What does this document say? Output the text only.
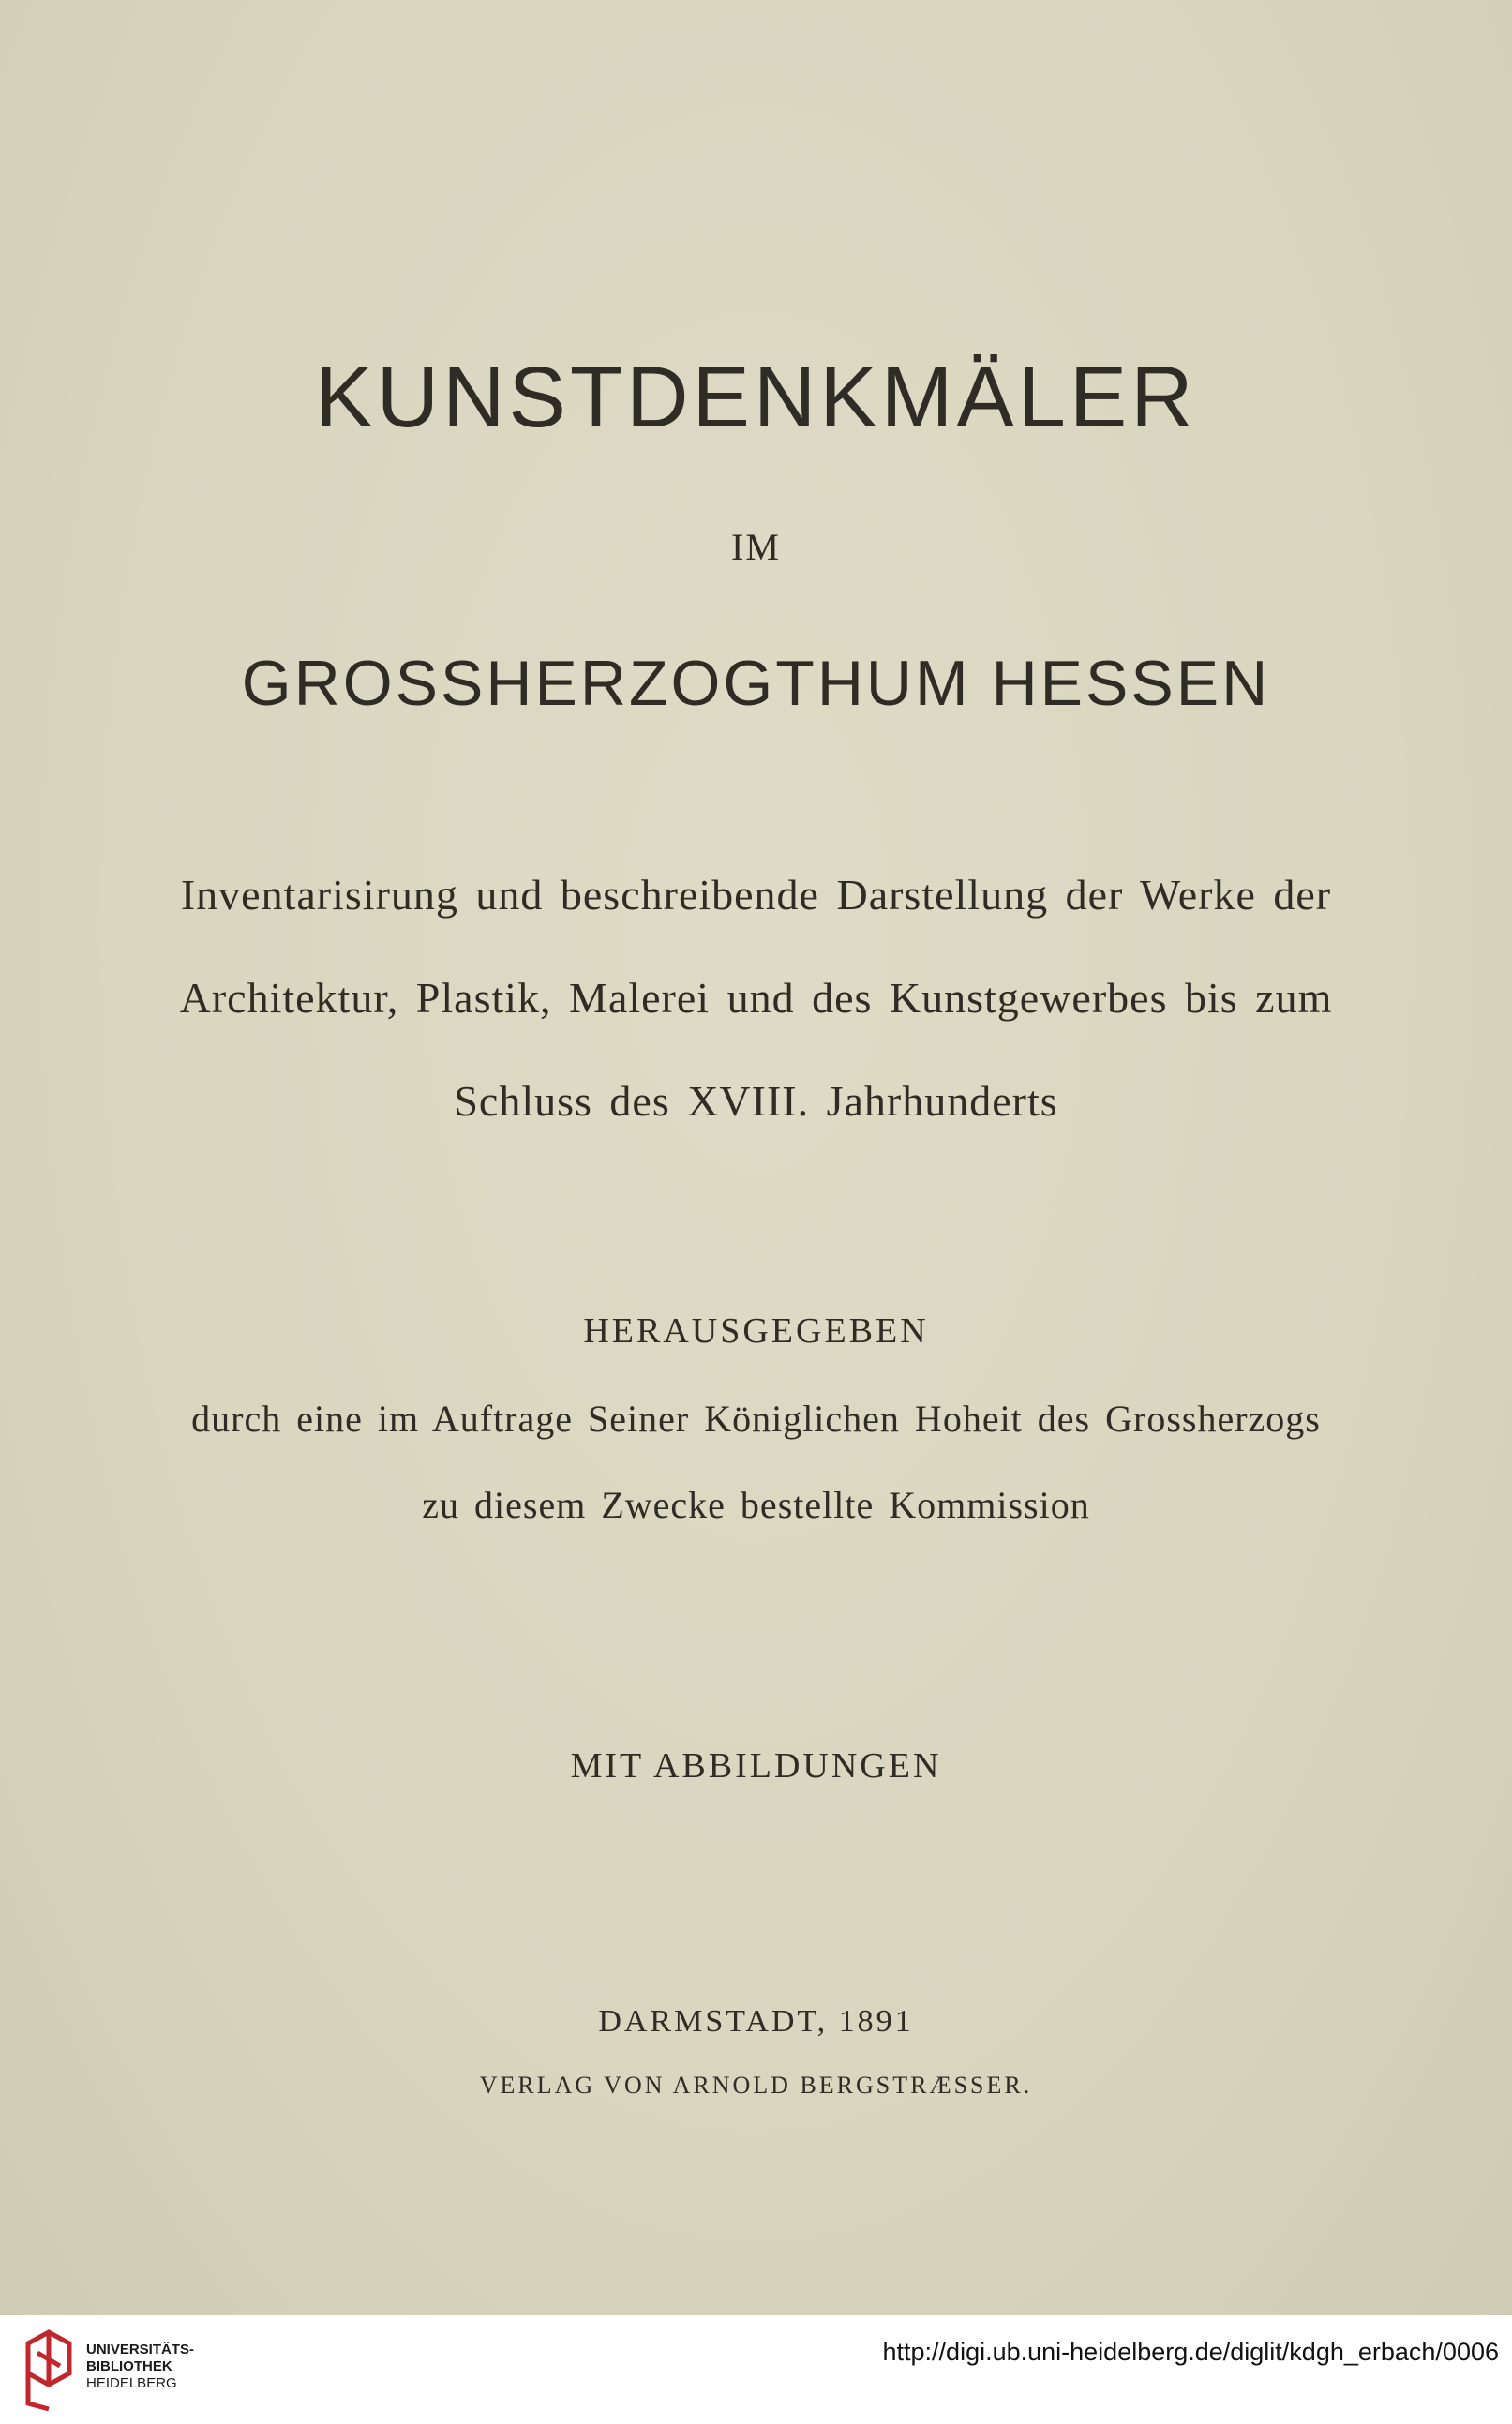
KUNSTDENKMÄLER
IM
GROSSHERZOGTHUM HESSEN
Inventarisirung und beschreibende Darstellung der Werke der
Architektur, Plastik, Malerei und des Kunstgewerbes bis zum
Schluss des XVIII. Jahrhunderts
HERAUSGEGEBEN
durch eine im Auftrage Seiner Königlichen Hoheit des Grossherzogs
zu diesem Zwecke bestellte Kommission
MIT ABBILDUNGEN
DARMSTADT, 1891
VERLAG VON ARNOLD BERGSTRÆSSER.
UNIVERSITÄTS-
BIBLIOTHEK
HEIDELBERG
http://digi.ub.uni-heidelberg.de/diglit/kdgh_erbach/0006
